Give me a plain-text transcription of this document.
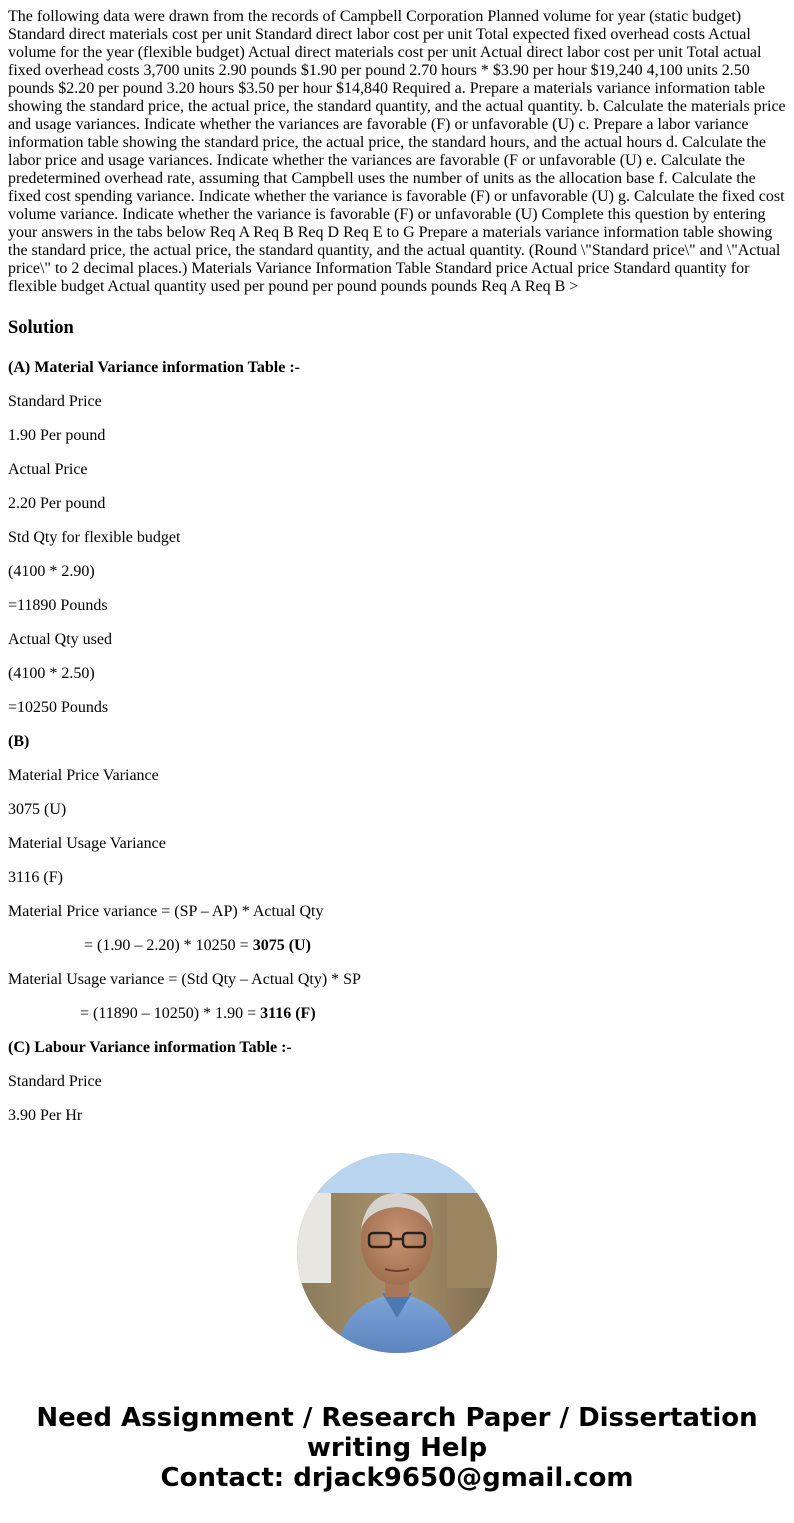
The following data were drawn from the records of Campbell Corporation Planned volume for year (static budget) Standard direct materials cost per unit Standard direct labor cost per unit Total expected fixed overhead costs Actual volume for the year (flexible budget) Actual direct materials cost per unit Actual direct labor cost per unit Total actual fixed overhead costs 3,700 units 2.90 pounds $1.90 per pound 2.70 hours * $3.90 per hour $19,240 4,100 units 2.50 pounds $2.20 per pound 3.20 hours $3.50 per hour $14,840 Required a. Prepare a materials variance information table showing the standard price, the actual price, the standard quantity, and the actual quantity. b. Calculate the materials price and usage variances. Indicate whether the variances are favorable (F) or unfavorable (U) c. Prepare a labor variance information table showing the standard price, the actual price, the standard hours, and the actual hours d. Calculate the labor price and usage variances. Indicate whether the variances are favorable (F or unfavorable (U) e. Calculate the predetermined overhead rate, assuming that Campbell uses the number of units as the allocation base f. Calculate the fixed cost spending variance. Indicate whether the variance is favorable (F) or unfavorable (U) g. Calculate the fixed cost volume variance. Indicate whether the variance is favorable (F) or unfavorable (U) Complete this question by entering your answers in the tabs below Req A Req B Req D Req E to G Prepare a materials variance information table showing the standard price, the actual price, the standard quantity, and the actual quantity. (Round \"Standard price\" and \"Actual price\" to 2 decimal places.) Materials Variance Information Table Standard price Actual price Standard quantity for flexible budget Actual quantity used per pound per pound pounds pounds Req A Req B >

Solution

(A) Material Variance information Table :-

Standard Price

1.90 Per pound

Actual Price

2.20 Per pound

Std Qty for flexible budget

(4100 * 2.90)

=11890 Pounds

Actual Qty used

(4100 * 2.50)

=10250 Pounds

(B)

Material Price Variance

3075 (U)

Material Usage Variance

3116 (F)

Material Price variance = (SP – AP) * Actual Qty

= (1.90 – 2.20) * 10250 = 3075 (U)

Material Usage variance = (Std Qty – Actual Qty) * SP

= (11890 – 10250) * 1.90 = 3116 (F)

(C) Labour Variance information Table :-

Standard Price

3.90 Per Hr

Need Assignment / Research Paper / Dissertation
writing Help
Contact: drjack9650@gmail.com
